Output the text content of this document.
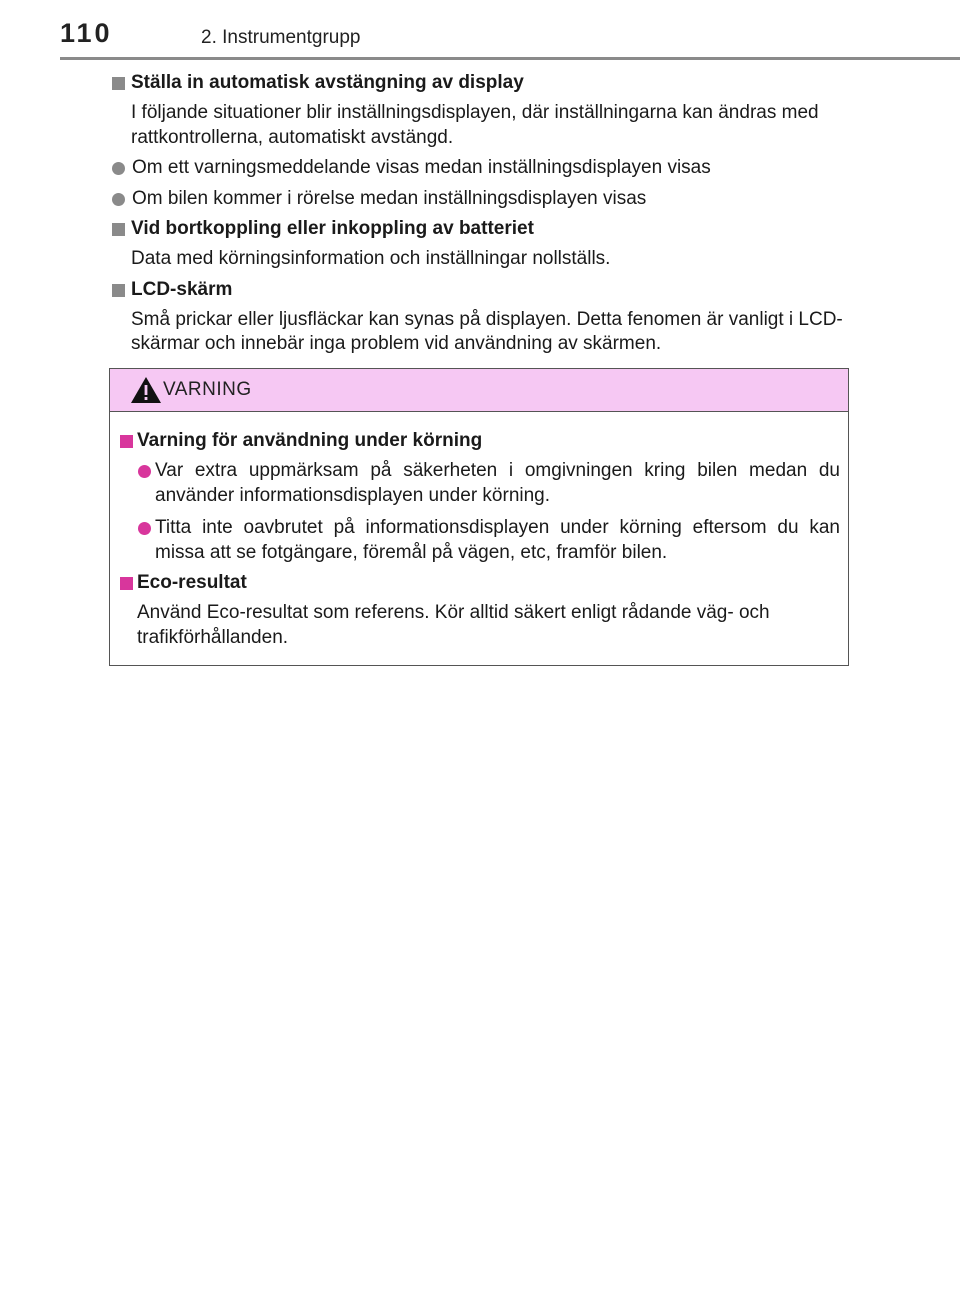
110	2. Instrumentgrupp
Ställa in automatisk avstängning av display
I följande situationer blir inställningsdisplayen, där inställningarna kan ändras med rattkontrollerna, automatiskt avstängd.
Om ett varningsmeddelande visas medan inställningsdisplayen visas
Om bilen kommer i rörelse medan inställningsdisplayen visas
Vid bortkoppling eller inkoppling av batteriet
Data med körningsinformation och inställningar nollställs.
LCD-skärm
Små prickar eller ljusfläckar kan synas på displayen. Detta fenomen är vanligt i LCD-skärmar och innebär inga problem vid användning av skärmen.
VARNING
Varning för användning under körning
Var extra uppmärksam på säkerheten i omgivningen kring bilen medan du använder informationsdisplayen under körning.
Titta inte oavbrutet på informationsdisplayen under körning eftersom du kan missa att se fotgängare, föremål på vägen, etc, framför bilen.
Eco-resultat
Använd Eco-resultat som referens. Kör alltid säkert enligt rådande väg- och trafikförhållanden.
